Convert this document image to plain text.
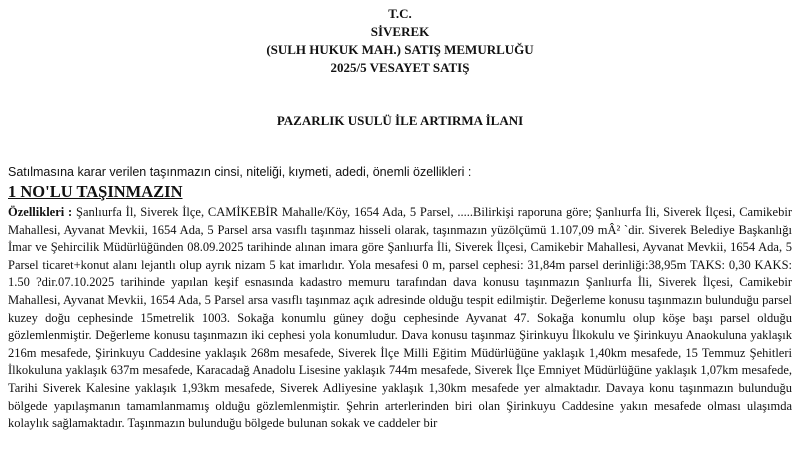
T.C.
SİVEREK
(SULH HUKUK MAH.) SATIŞ MEMURLUĞU
2025/5 VESAYET SATIŞ
PAZARLIK USULÜ İLE ARTIRMA İLANI
Satılmasına karar verilen taşınmazın cinsi, niteliği, kıymeti, adedi, önemli özellikleri :
1 NO'LU TAŞINMAZIN
Özellikleri : Şanlıurfa İl, Siverek İlçe, CAMİKEBİR Mahalle/Köy, 1654 Ada, 5 Parsel, .....Bilirkişi raporuna göre; Şanlıurfa İli, Siverek İlçesi, Camikebir Mahallesi, Ayvanat Mevkii, 1654 Ada, 5 Parsel arsa vasıflı taşınmaz hisseli olarak, taşınmazın yüzölçümü 1.107,09 mÂ² `dir. Siverek Belediye Başkanlığı İmar ve Şehircilik Müdürlüğünden 08.09.2025 tarihinde alınan imara göre Şanlıurfa İli, Siverek İlçesi, Camikebir Mahallesi, Ayvanat Mevkii, 1654 Ada, 5 Parsel ticaret+konut alanı lejantlı olup ayrık nizam 5 kat imarlıdır. Yola mesafesi 0 m, parsel cephesi: 31,84m parsel derinliği:38,95m TAKS: 0,30 KAKS: 1.50 ?dir.07.10.2025 tarihinde yapılan keşif esnasında kadastro memuru tarafından dava konusu taşınmazın Şanlıurfa İli, Siverek İlçesi, Camikebir Mahallesi, Ayvanat Mevkii, 1654 Ada, 5 Parsel arsa vasıflı taşınmaz açık adresinde olduğu tespit edilmiştir. Değerleme konusu taşınmazın bulunduğu parsel kuzey doğu cephesinde 15metrelik 1003. Sokağa konumlu güney doğu cephesinde Ayvanat 47. Sokağa konumlu olup köşe başı parsel olduğu gözlemlenmiştir. Değerleme konusu taşınmazın iki cephesi yola konumludur. Dava konusu taşınmaz Şirinkuyu İlkokulu ve Şirinkuyu Anaokuluna yaklaşık 216m mesafede, Şirinkuyu Caddesine yaklaşık 268m mesafede, Siverek İlçe Milli Eğitim Müdürlüğüne yaklaşık 1,40km mesafede, 15 Temmuz Şehitleri İlkokuluna yaklaşık 637m mesafede, Karacadağ Anadolu Lisesine yaklaşık 744m mesafede, Siverek İlçe Emniyet Müdürlüğüne yaklaşık 1,07km mesafede, Tarihi Siverek Kalesine yaklaşık 1,93km mesafede, Siverek Adliyesine yaklaşık 1,30km mesafede yer almaktadır. Davaya konu taşınmazın bulunduğu bölgede yapılaşmanın tamamlanmamış olduğu gözlemlenmiştir. Şehrin arterlerinden biri olan Şirinkuyu Caddesine yakın mesafede olması ulaşımda kolaylık sağlamaktadır. Taşınmazın bulunduğu bölgede bulunan sokak ve caddeler bir
